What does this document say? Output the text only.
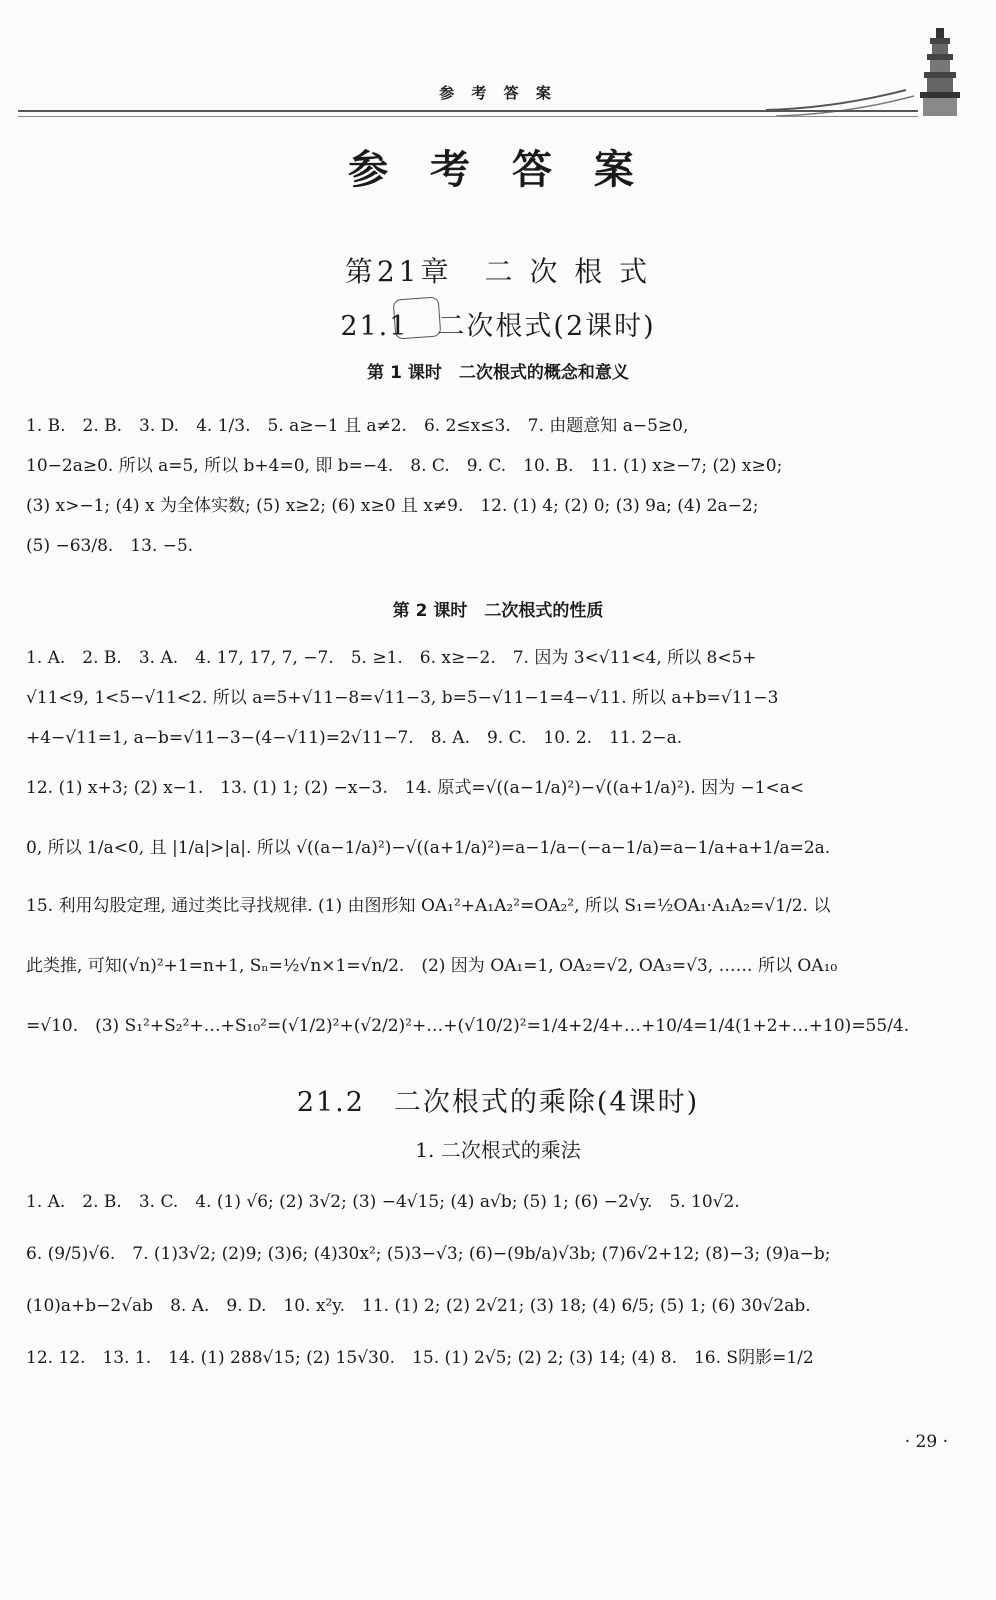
参 考 答 案
参 考 答 案
第21章　二 次 根 式
21.1　二次根式(2课时)
第 1 课时　二次根式的概念和意义
1. B.　2. B.　3. D.　4. 1/3.　5. a≥−1 且 a≠2.　6. 2≤x≤3.　7. 由题意知 a−5≥0,
10−2a≥0. 所以 a=5, 所以 b+4=0, 即 b=−4.　8. C.　9. C.　10. B.　11. (1) x≥−7; (2) x≥0;
(3) x>−1; (4) x 为全体实数; (5) x≥2; (6) x≥0 且 x≠9.　12. (1) 4; (2) 0; (3) 9a; (4) 2a−2;
(5) −63/8.　13. −5.
第 2 课时　二次根式的性质
1. A.　2. B.　3. A.　4. 17, 17, 7, −7.　5. ≥1.　6. x≥−2.　7. 因为 3<√11<4, 所以 8<5+
√11<9, 1<5−√11<2. 所以 a=5+√11−8=√11−3, b=5−√11−1=4−√11. 所以 a+b=√11−3
+4−√11=1, a−b=√11−3−(4−√11)=2√11−7.　8. A.　9. C.　10. 2.　11. 2−a.
12. (1) x+3; (2) x−1.　13. (1) 1; (2) −x−3.　14. 原式=√((a−1/a)²)−√((a+1/a)²). 因为 −1<a<
0, 所以 1/a<0, 且 |1/a|>|a|. 所以 √((a−1/a)²)−√((a+1/a)²)=a−1/a−(−a−1/a)=a−1/a+a+1/a=2a.
15. 利用勾股定理, 通过类比寻找规律. (1) 由图形知 OA₁²+A₁A₂²=OA₂², 所以 S₁=½OA₁·A₁A₂=√1/2. 以
此类推, 可知(√n)²+1=n+1, Sₙ=½√n×1=√n/2.　(2) 因为 OA₁=1, OA₂=√2, OA₃=√3, …… 所以 OA₁₀
=√10.　(3) S₁²+S₂²+…+S₁₀²=(√1/2)²+(√2/2)²+…+(√10/2)²=1/4+2/4+…+10/4=1/4(1+2+…+10)=55/4.
21.2　二次根式的乘除(4课时)
1. 二次根式的乘法
1. A.　2. B.　3. C.　4. (1) √6; (2) 3√2; (3) −4√15; (4) a√b; (5) 1; (6) −2√y.　5. 10√2.
6. (9/5)√6.　7. (1)3√2; (2)9; (3)6; (4)30x²; (5)3−√3; (6)−(9b/a)√3b; (7)6√2+12; (8)−3; (9)a−b;
(10)a+b−2√ab　8. A.　9. D.　10. x²y.　11. (1) 2; (2) 2√21; (3) 18; (4) 6/5; (5) 1; (6) 30√2ab.
12. 12.　13. 1.　14. (1) 288√15; (2) 15√30.　15. (1) 2√5; (2) 2; (3) 14; (4) 8.　16. S阴影=1/2
· 29 ·
